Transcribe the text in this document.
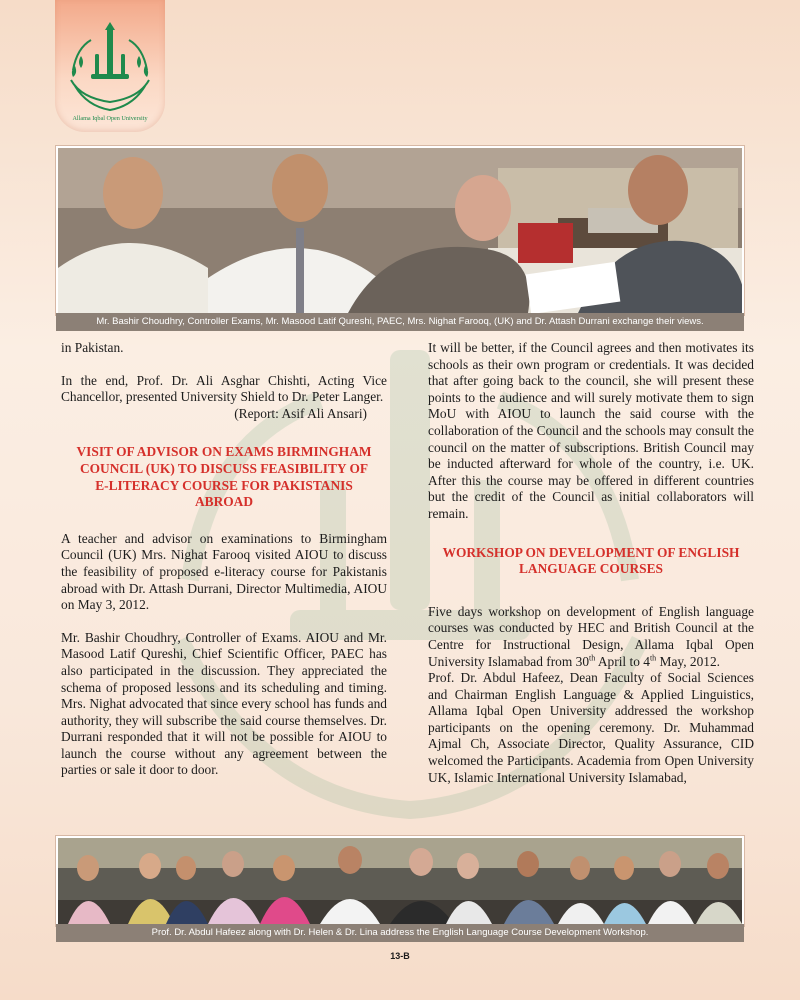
Allama Iqbal Open University
Mr. Bashir Choudhry, Controller Exams, Mr. Masood Latif Qureshi, PAEC, Mrs. Nighat Farooq, (UK) and Dr. Attash Durrani exchange their views.

in Pakistan.

In the end, Prof. Dr. Ali Asghar Chishti, Acting Vice Chancellor, presented University Shield to Dr. Peter Langer.

(Report: Asif Ali Ansari)

VISIT OF ADVISOR ON EXAMS BIRMINGHAM COUNCIL (UK) TO DISCUSS FEASIBILITY OF E-LITERACY COURSE FOR PAKISTANIS ABROAD

A teacher and advisor on examinations to Birmingham Council (UK) Mrs. Nighat Farooq visited AIOU to discuss the feasibility of proposed e-literacy course for Pakistanis abroad with Dr. Attash Durrani, Director Multimedia, AIOU on May 3, 2012.

Mr. Bashir Choudhry, Controller of Exams. AIOU and Mr. Masood Latif Qureshi, Chief Scientific Officer, PAEC has also participated in the discussion. They appreciated the schema of proposed lessons and its scheduling and timing. Mrs. Nighat advocated that since every school has funds and authority, they will subscribe the said course themselves. Dr. Durrani responded that it will not be possible for AIOU to launch the course without any agreement between the parties or sale it door to door.

It will be better, if the Council agrees and then motivates its schools as their own program or credentials. It was decided that after going back to the council, she will present these points to the audience and will surely motivate them to sign MoU with AIOU to launch the said course with the collaboration of the Council and the schools may consult the council on the matter of subscriptions. British Council may be inducted afterward for whole of the country, i.e. UK. After this the course may be offered in different countries but the credit of the Council as initial collaborators will remain.

WORKSHOP ON DEVELOPMENT OF ENGLISH LANGUAGE COURSES

Five days workshop on development of English language courses was conducted by HEC and British Council at the Centre for Instructional Design, Allama Iqbal Open University Islamabad from 30th April to 4th May, 2012.

Prof. Dr. Abdul Hafeez, Dean Faculty of Social Sciences and Chairman English Language & Applied Linguistics, Allama Iqbal Open University addressed the workshop participants on the opening ceremony. Dr. Muhammad Ajmal Ch, Associate Director, Quality Assurance, CID welcomed the Participants. Academia from Open University UK, Islamic International University Islamabad,

Prof. Dr. Abdul Hafeez along with Dr. Helen & Dr. Lina address the English Language Course Development Workshop.
13-B
